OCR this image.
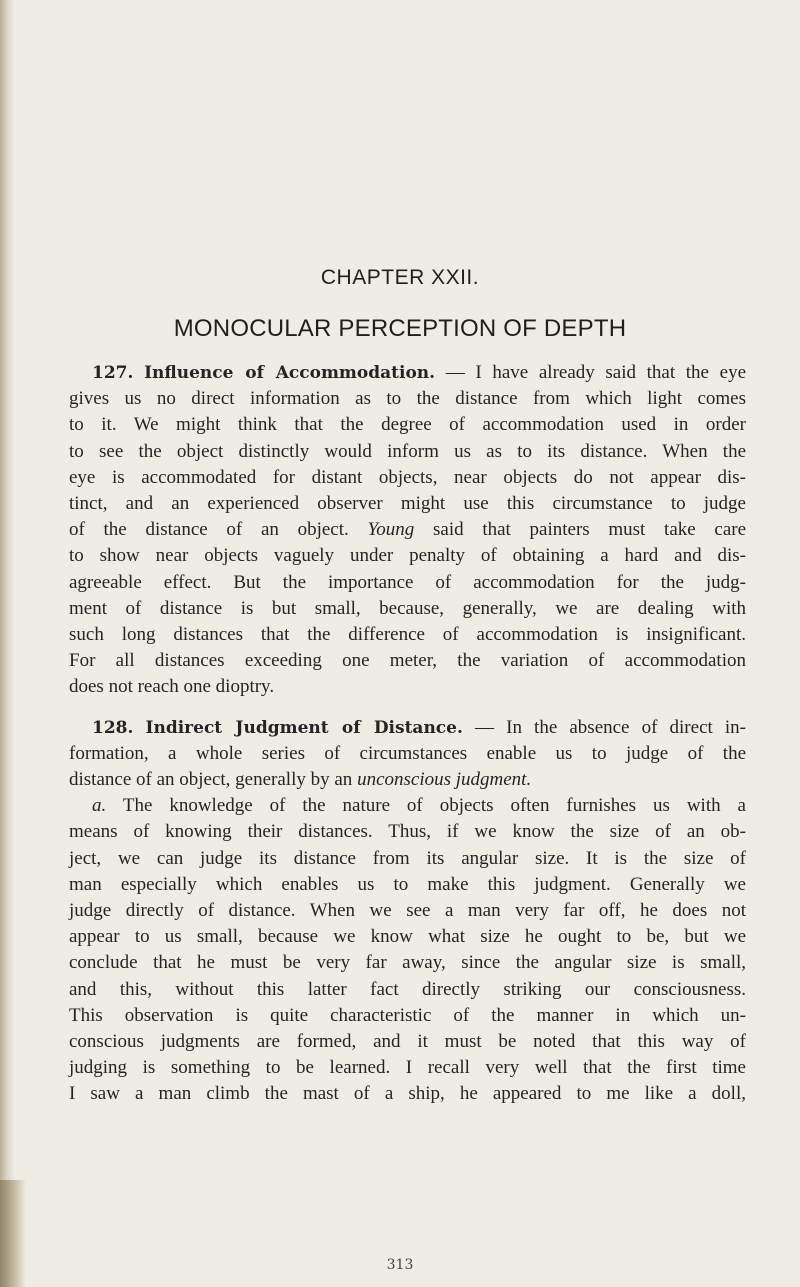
CHAPTER XXII.
MONOCULAR PERCEPTION OF DEPTH
127. Influence of Accommodation. — I have already said that the eye
gives us no direct information as to the distance from which light comes
to it. We might think that the degree of accommodation used in order
to see the object distinctly would inform us as to its distance. When the
eye is accommodated for distant objects, near objects do not appear dis-
tinct, and an experienced observer might use this circumstance to judge
of the distance of an object. Young said that painters must take care
to show near objects vaguely under penalty of obtaining a hard and dis-
agreeable effect. But the importance of accommodation for the judg-
ment of distance is but small, because, generally, we are dealing with
such long distances that the difference of accommodation is insignificant.
For all distances exceeding one meter, the variation of accommodation
does not reach one dioptry.
128. Indirect Judgment of Distance. — In the absence of direct in-
formation, a whole series of circumstances enable us to judge of the
distance of an object, generally by an unconscious judgment.
a. The knowledge of the nature of objects often furnishes us with a
means of knowing their distances. Thus, if we know the size of an ob-
ject, we can judge its distance from its angular size. It is the size of
man especially which enables us to make this judgment. Generally we
judge directly of distance. When we see a man very far off, he does not
appear to us small, because we know what size he ought to be, but we
conclude that he must be very far away, since the angular size is small,
and this, without this latter fact directly striking our consciousness.
This observation is quite characteristic of the manner in which un-
conscious judgments are formed, and it must be noted that this way of
judging is something to be learned. I recall very well that the first time
I saw a man climb the mast of a ship, he appeared to me like a doll,
313
